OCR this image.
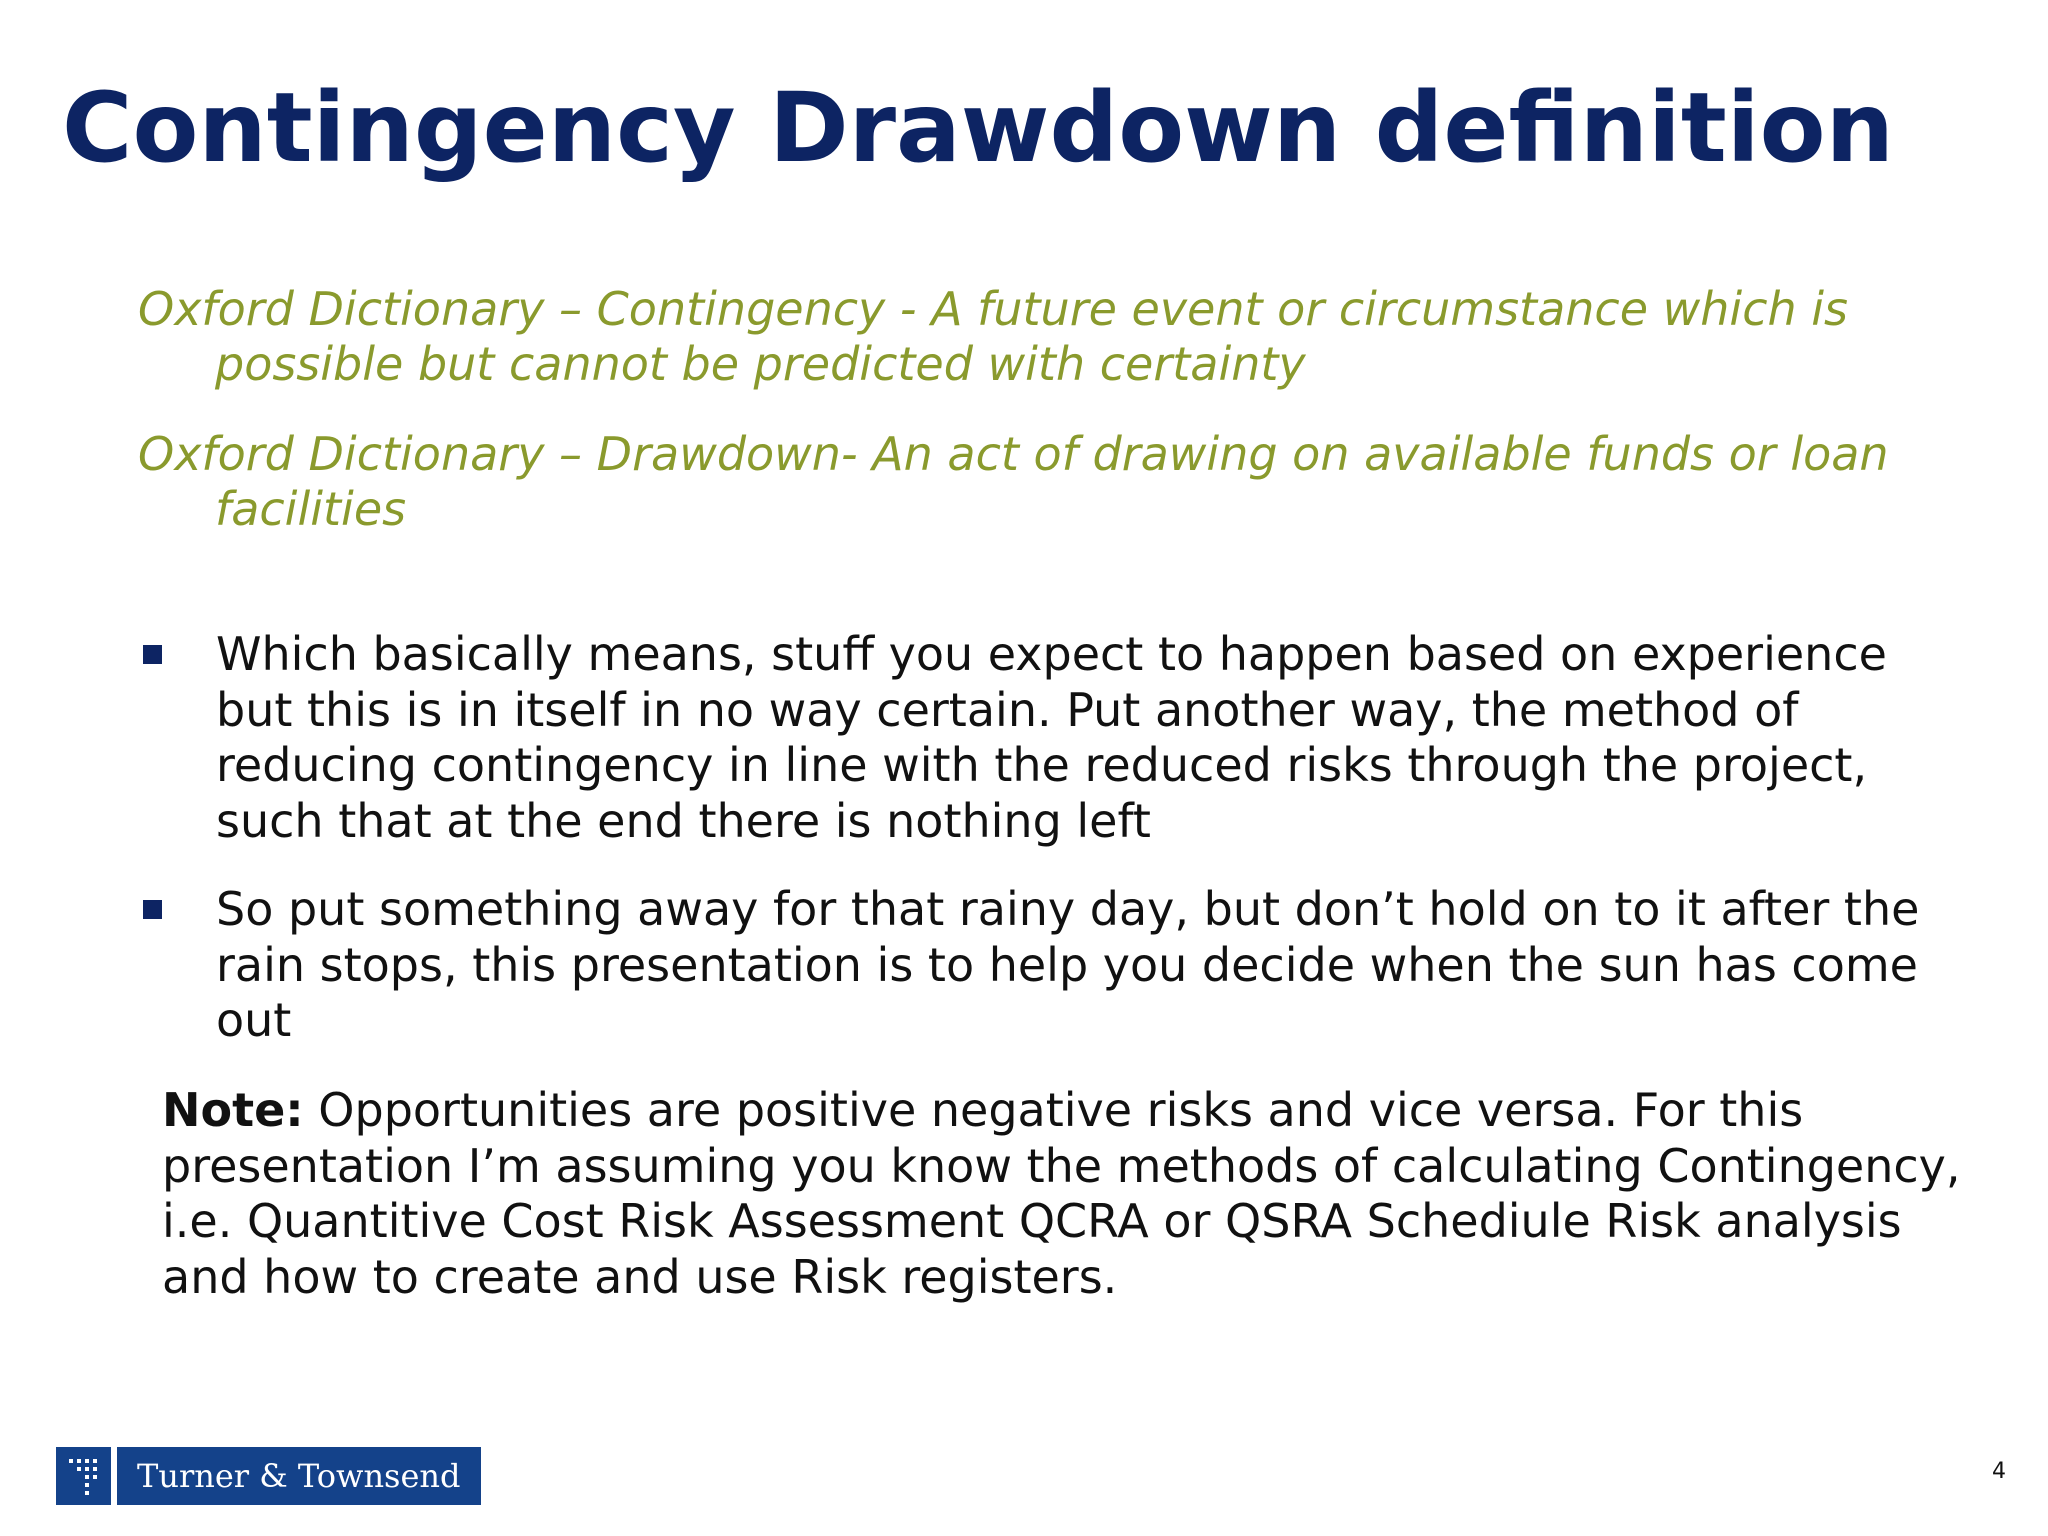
Contingency Drawdown definition

Oxford Dictionary – Contingency - A future event or circumstance which is
possible but cannot be predicted with certainty

Oxford Dictionary – Drawdown- An act of drawing on available funds or loan
facilities

Which basically means, stuff you expect to happen based on experience but this is in itself in no way certain. Put another way, the method of reducing contingency in line with the reduced risks through the project, such that at the end there is nothing left
So put something away for that rainy day, but don’t hold on to it after the rain stops, this presentation is to help you decide when the sun has come out
Note: Opportunities are positive negative risks and vice versa. For this presentation I’m assuming you know the methods of calculating Contingency, i.e. Quantitive Cost Risk Assessment QCRA or QSRA Schediule Risk analysis and how to create and use Risk registers.
Turner & Townsend	4
